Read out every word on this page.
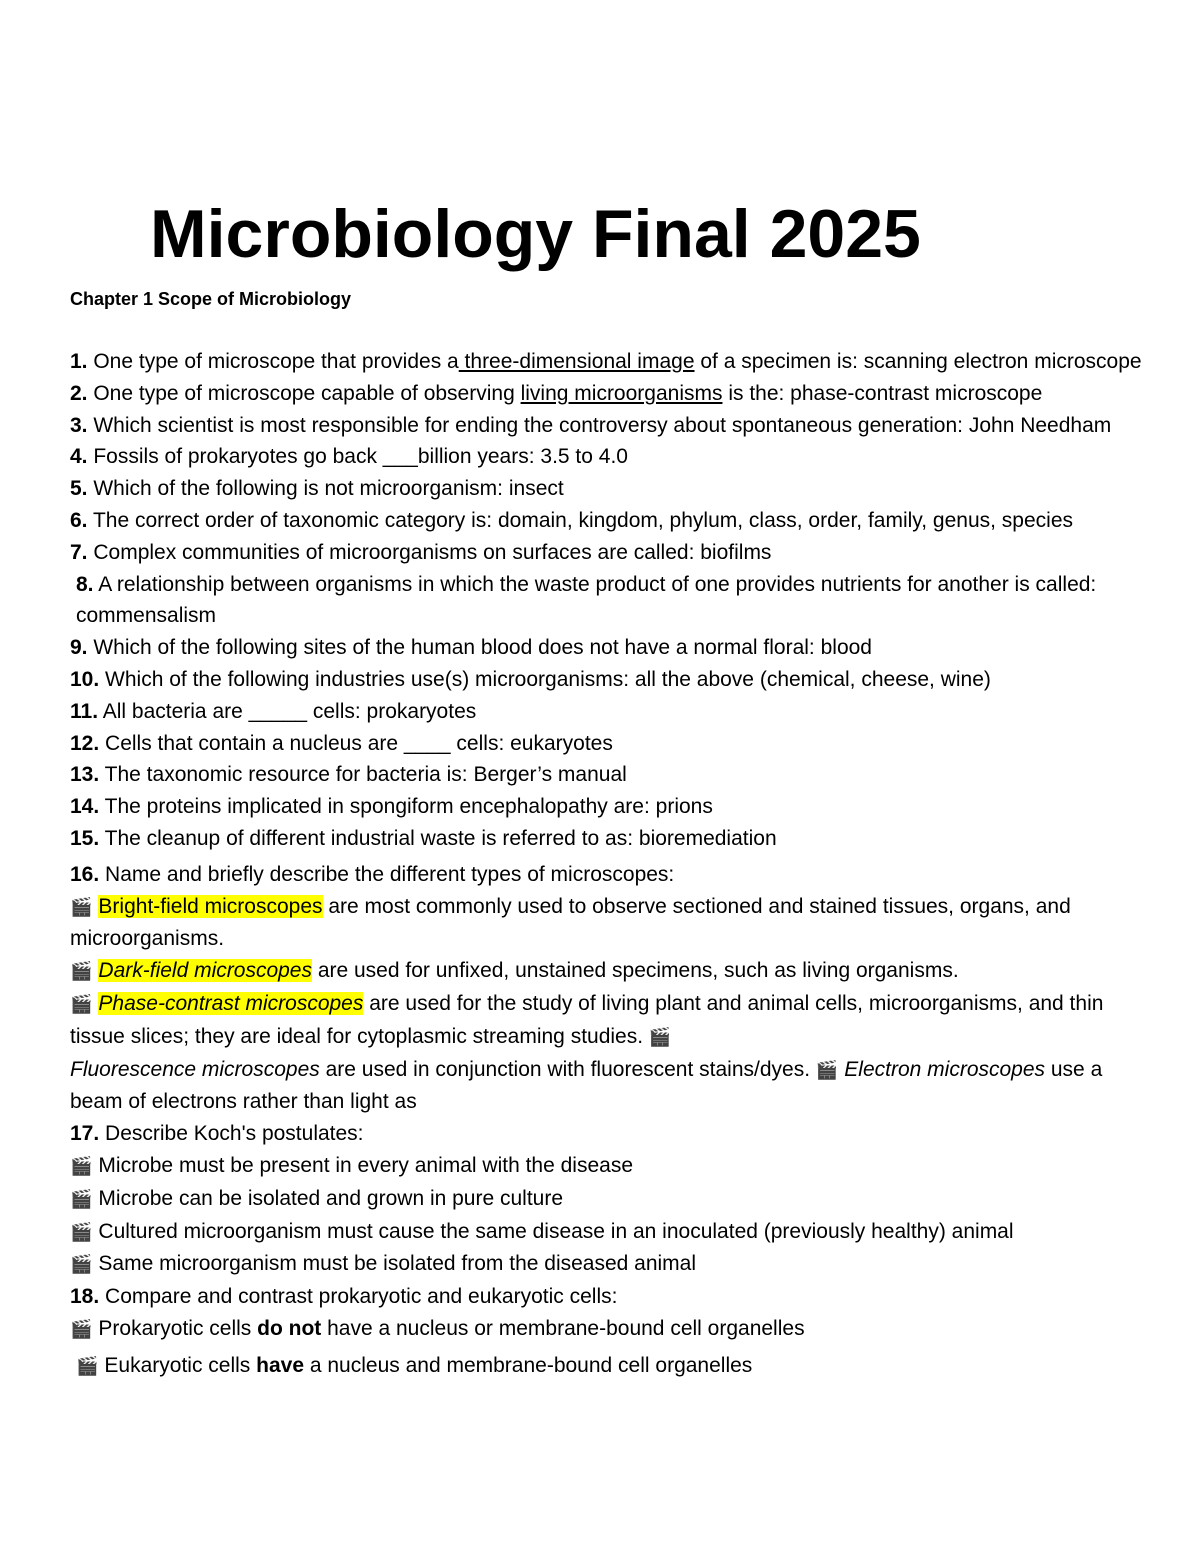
Microbiology Final 2025
Chapter 1 Scope of Microbiology

1. One type of microscope that provides a three-dimensional image of a specimen is: scanning electron microscope

2. One type of microscope capable of observing living microorganisms is the: phase-contrast microscope

3. Which scientist is most responsible for ending the controversy about spontaneous generation: John Needham

4. Fossils of prokaryotes go back ___billion years: 3.5 to 4.0

5. Which of the following is not microorganism: insect

6. The correct order of taxonomic category is: domain, kingdom, phylum, class, order, family, genus, species

7. Complex communities of microorganisms on surfaces are called: biofilms

8. A relationship between organisms in which the waste product of one provides nutrients for another is called: commensalism

9. Which of the following sites of the human blood does not have a normal floral: blood

10. Which of the following industries use(s) microorganisms: all the above (chemical, cheese, wine)

11. All bacteria are _____ cells: prokaryotes

12. Cells that contain a nucleus are ____ cells: eukaryotes

13. The taxonomic resource for bacteria is: Berger’s manual

14. The proteins implicated in spongiform encephalopathy are: prions

15. The cleanup of different industrial waste is referred to as: bioremediation

16. Name and briefly describe the different types of microscopes:

🎬 Bright-field microscopes are most commonly used to observe sectioned and stained tissues, organs, and microorganisms.

🎬 Dark-field microscopes are used for unfixed, unstained specimens, such as living organisms.

🎬 Phase-contrast microscopes are used for the study of living plant and animal cells, microorganisms, and thin tissue slices; they are ideal for cytoplasmic streaming studies. 🎬
Fluorescence microscopes are used in conjunction with fluorescent stains/dyes. 🎬 Electron microscopes use a beam of electrons rather than light as

17. Describe Koch's postulates:

🎬 Microbe must be present in every animal with the disease

🎬 Microbe can be isolated and grown in pure culture

🎬 Cultured microorganism must cause the same disease in an inoculated (previously healthy) animal

🎬 Same microorganism must be isolated from the diseased animal

18. Compare and contrast prokaryotic and eukaryotic cells:

🎬 Prokaryotic cells do not have a nucleus or membrane-bound cell organelles

🎬 Eukaryotic cells have a nucleus and membrane-bound cell organelles
